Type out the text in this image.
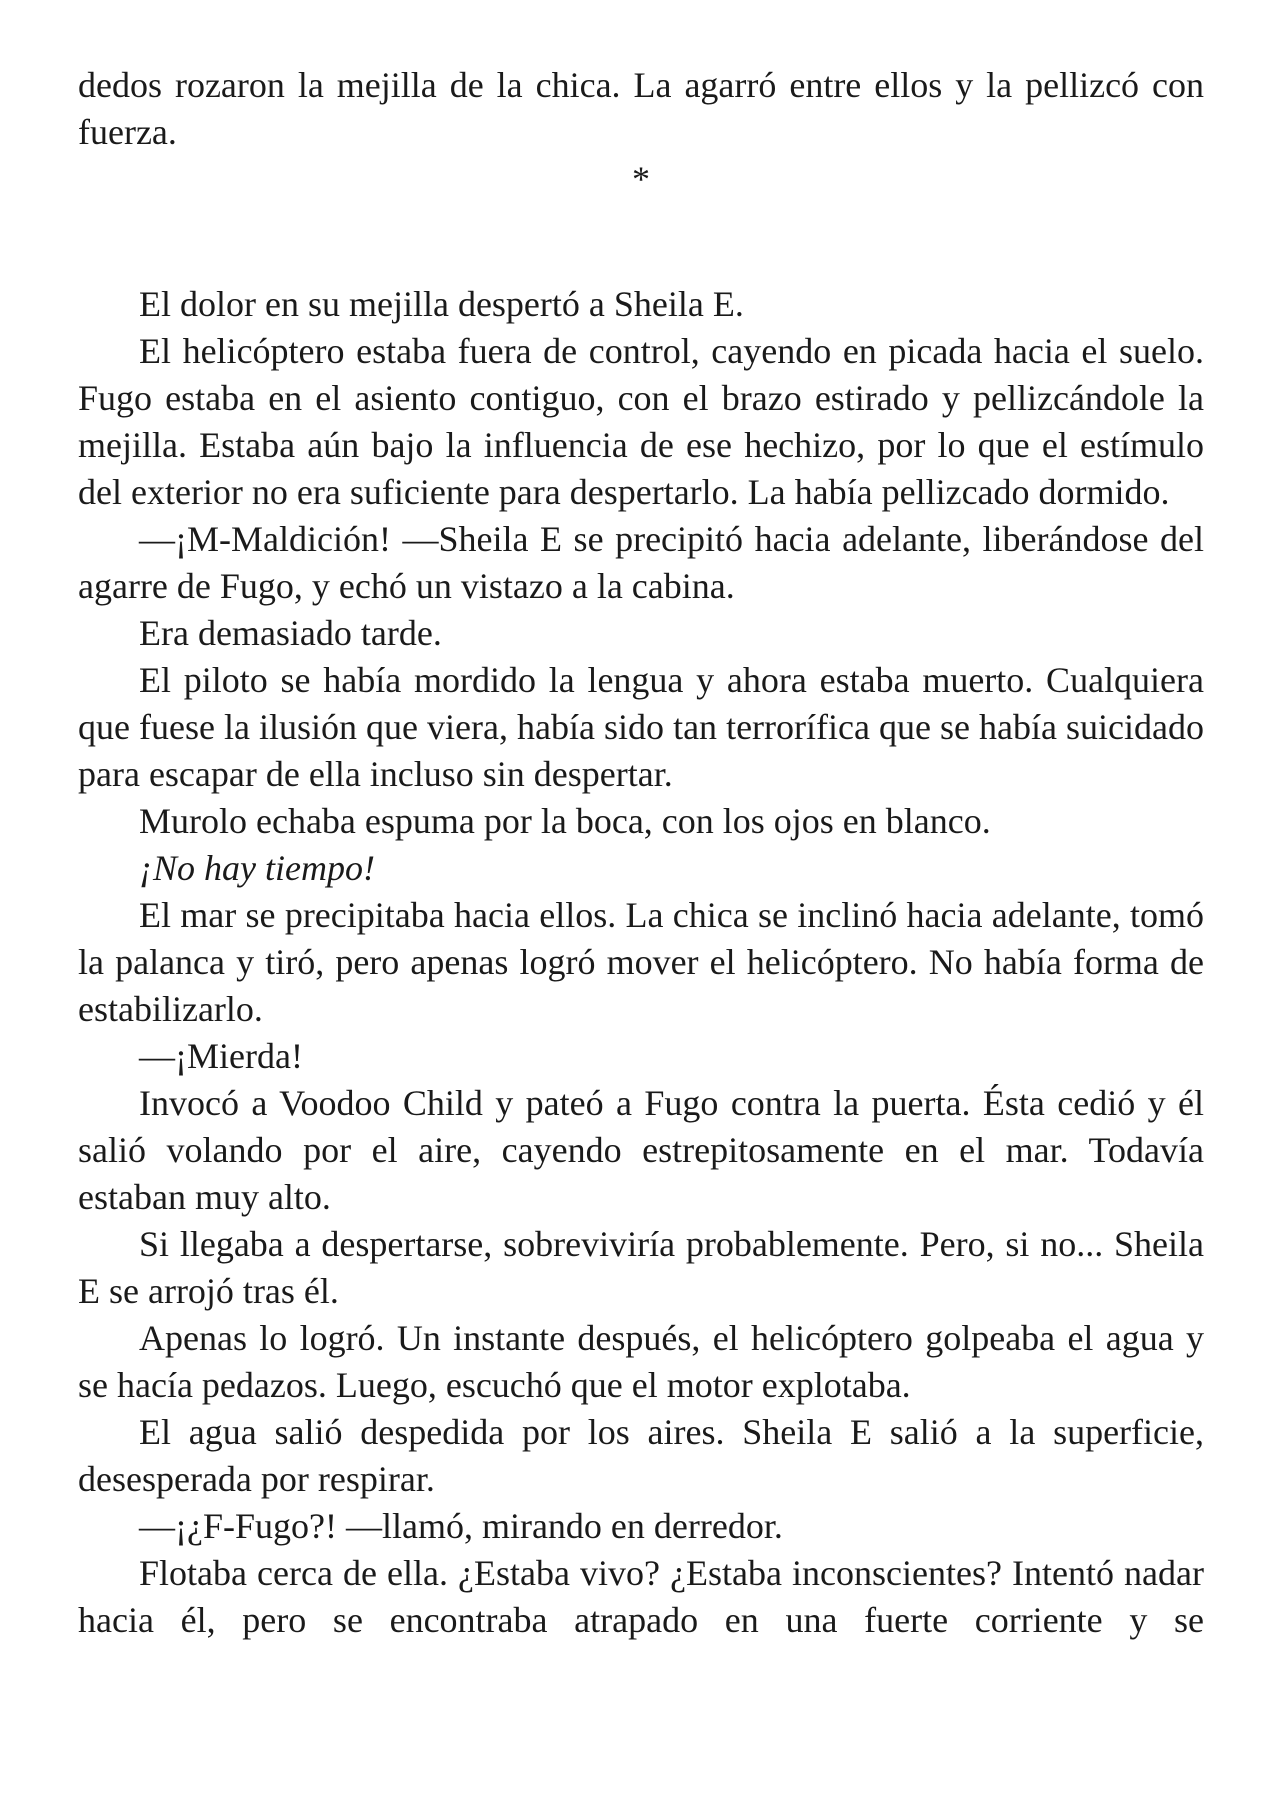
dedos rozaron la mejilla de la chica. La agarró entre ellos y la pellizcó con fuerza.

*

El dolor en su mejilla despertó a Sheila E.

El helicóptero estaba fuera de control, cayendo en picada hacia el suelo. Fugo estaba en el asiento contiguo, con el brazo estirado y pellizcándole la mejilla. Estaba aún bajo la influencia de ese hechizo, por lo que el estímulo del exterior no era suficiente para despertarlo. La había pellizcado dormido.

—¡M-Maldición! —Sheila E se precipitó hacia adelante, liberándose del agarre de Fugo, y echó un vistazo a la cabina.

Era demasiado tarde.

El piloto se había mordido la lengua y ahora estaba muerto. Cualquiera que fuese la ilusión que viera, había sido tan terrorífica que se había suicidado para escapar de ella incluso sin despertar.

Murolo echaba espuma por la boca, con los ojos en blanco.

¡No hay tiempo!

El mar se precipitaba hacia ellos. La chica se inclinó hacia adelante, tomó la palanca y tiró, pero apenas logró mover el helicóptero. No había forma de estabilizarlo.

—¡Mierda!

Invocó a Voodoo Child y pateó a Fugo contra la puerta. Ésta cedió y él salió volando por el aire, cayendo estrepitosamente en el mar. Todavía estaban muy alto.

Si llegaba a despertarse, sobreviviría probablemente. Pero, si no... Sheila E se arrojó tras él.

Apenas lo logró. Un instante después, el helicóptero golpeaba el agua y se hacía pedazos. Luego, escuchó que el motor explotaba.

El agua salió despedida por los aires. Sheila E salió a la superficie, desesperada por respirar.

—¡¿F-Fugo?! —llamó, mirando en derredor.

Flotaba cerca de ella. ¿Estaba vivo? ¿Estaba inconscientes? Intentó nadar hacia él, pero se encontraba atrapado en una fuerte corriente y se
